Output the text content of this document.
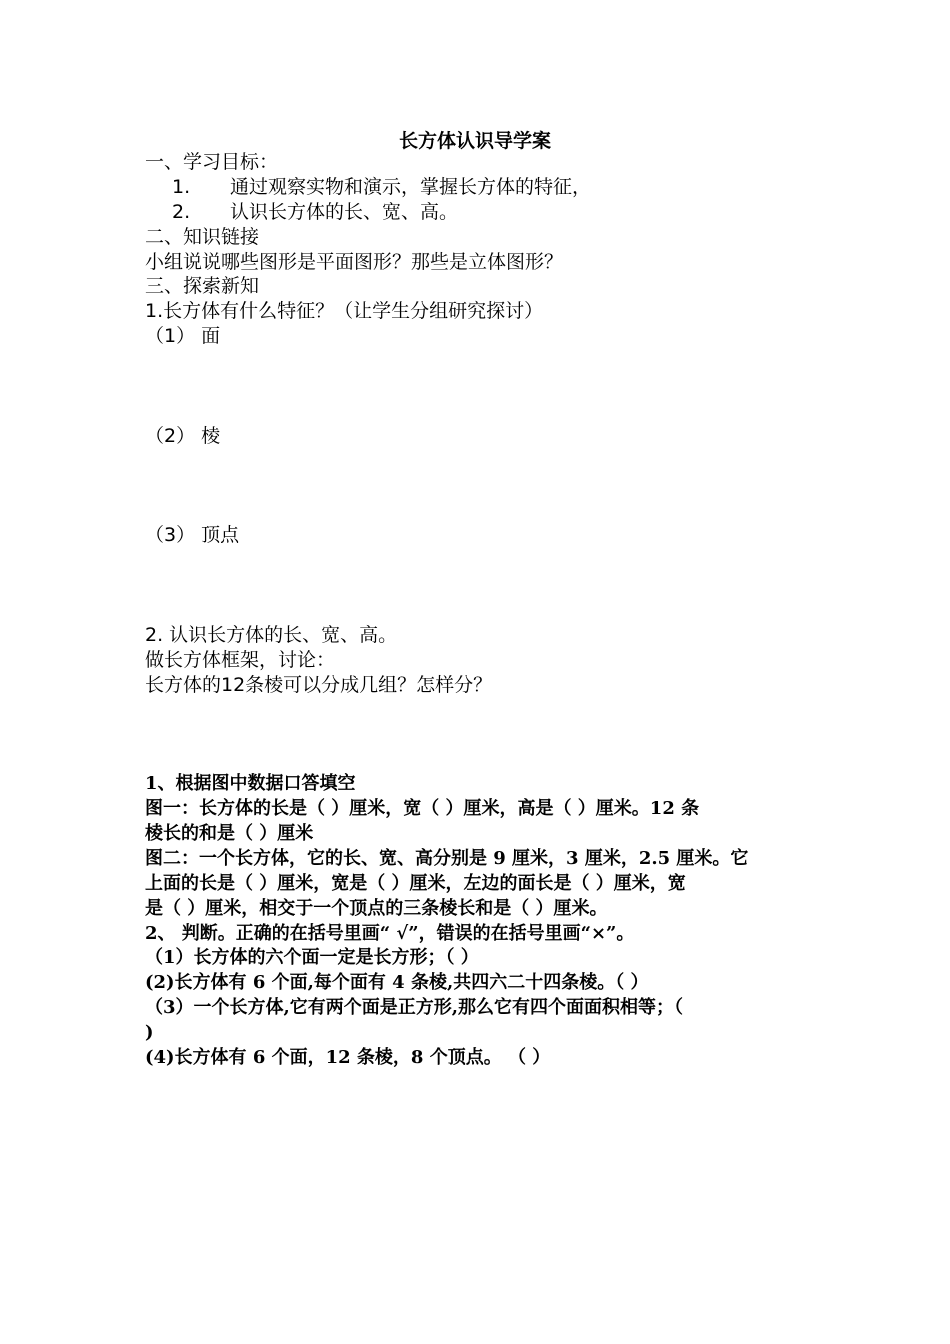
长方体认识导学案
一、学习目标：
1. 通过观察实物和演示，掌握长方体的特征，
2. 认识长方体的长、宽、高。
二、知识链接
小组说说哪些图形是平面图形？那些是立体图形？
三、探索新知
1.长方体有什么特征？（让学生分组研究探讨）
（1） 面
（2） 棱
（3） 顶点
2. 认识长方体的长、宽、高。
做长方体框架，讨论：
长方体的12条棱可以分成几组？怎样分？
1、根据图中数据口答填空
图一：长方体的长是（ ）厘米，宽（ ）厘米，高是（ ）厘米。12 条
棱长的和是（ ）厘米
图二：一个长方体，它的长、宽、高分别是 9 厘米，3 厘米，2.5 厘米。它
上面的长是（ ）厘米，宽是（ ）厘米，左边的面长是（ ）厘米，宽
是（ ）厘米，相交于一个顶点的三条棱长和是（ ）厘米。
2、 判断。正确的在括号里画“ √”，错误的在括号里画“×”。
（1）长方体的六个面一定是长方形；（ ）
(2)长方体有 6 个面,每个面有 4 条棱,共四六二十四条棱。（ ）
（3）一个长方体,它有两个面是正方形,那么它有四个面面积相等；（
)
(4)长方体有 6 个面，12 条棱，8 个顶点。 （ ）
